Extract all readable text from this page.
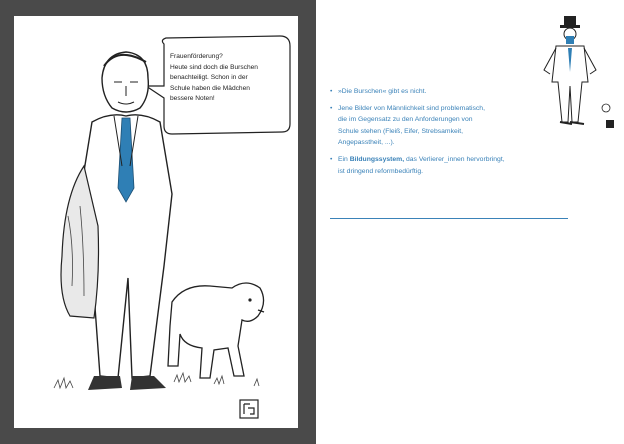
Frauenförderung?
Heute sind doch die Burschen
benachteiligt. Schon in der
Schule haben die Mädchen
bessere Noten!
• »Die Burschen« gibt es nicht.
• Jene Bilder von Männlichkeit sind problematisch,
die im Gegensatz zu den Anforderungen von
Schule stehen (Fleiß, Eifer, Strebsamkeit,
Angepasstheit, ...).
• Ein Bildungssystem, das Verlierer_innen hervorbringt,
ist dringend reformbedürftig.
